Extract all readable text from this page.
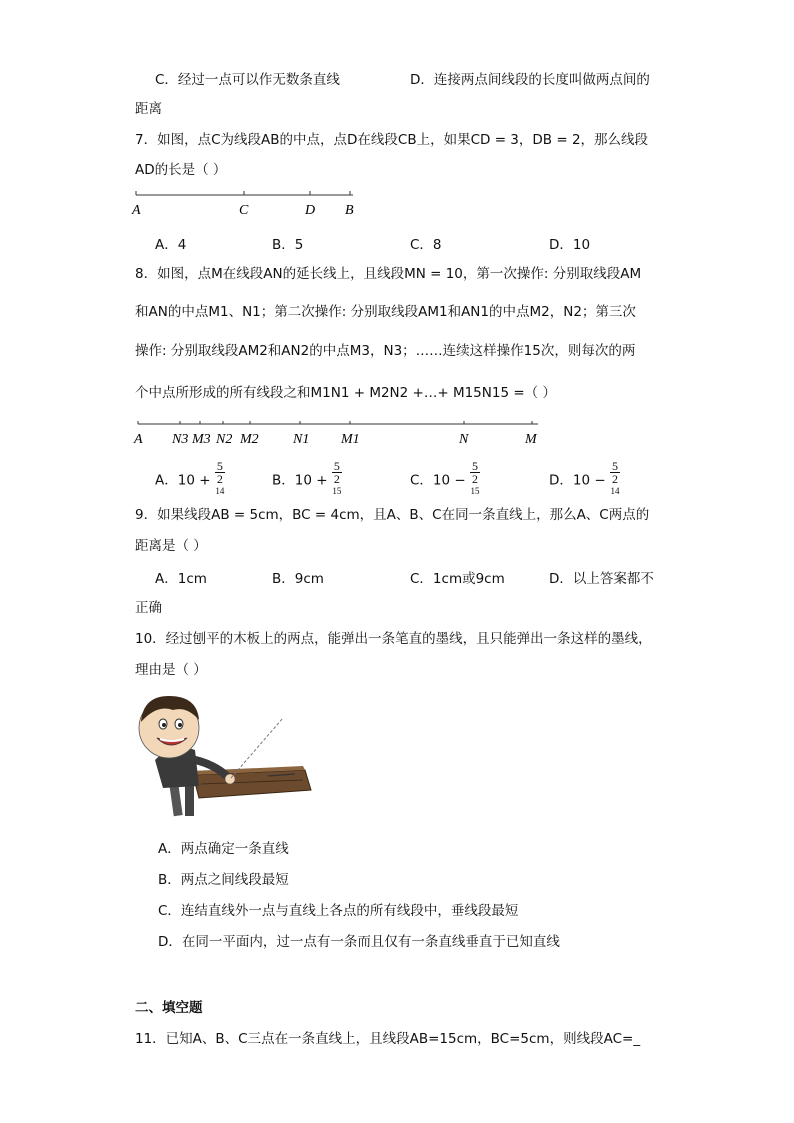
C．经过一点可以作无数条直线	D．连接两点间线段的长度叫做两点间的
距离
7．如图，点C为线段AB的中点，点D在线段CB上，如果CD = 3，DB = 2，那么线段
AD的长是（ ）
A	C	D B
A．4	B．5	C．8	D．10
8．如图，点M在线段AN的延长线上，且线段MN = 10，第一次操作: 分别取线段AM
和AN的中点M1、N1；第二次操作: 分别取线段AM1和AN1的中点M2，N2；第三次
操作: 分别取线段AM2和AN2的中点M3，N3；……连续这样操作15次，则每次的两
个中点所形成的所有线段之和M1N1 + M2N2 +…+ M15N15 =（ ）
A N3 M3 N2 M2 N1 M1	N	M
A．10 + 5
2
$^{14}$	B．10 + 5
2
$^{15}$	C．10 − 5
2
$^{15}$	D．10 − 5
2
$^{14}$
9．如果线段AB = 5cm，BC = 4cm，且A、B、C在同一条直线上，那么A、C两点的
距离是（ ）
A．1cm	B．9cm	C．1cm或9cm	D．以上答案都不
正确
10．经过刨平的木板上的两点，能弹出一条笔直的墨线，且只能弹出一条这样的墨线，
理由是（ ）
A．两点确定一条直线
B．两点之间线段最短
C．连结直线外一点与直线上各点的所有线段中，垂线段最短
D．在同一平面内，过一点有一条而且仅有一条直线垂直于已知直线
二、填空题
11．已知A、B、C三点在一条直线上，且线段AB=15cm，BC=5cm，则线段AC=_
